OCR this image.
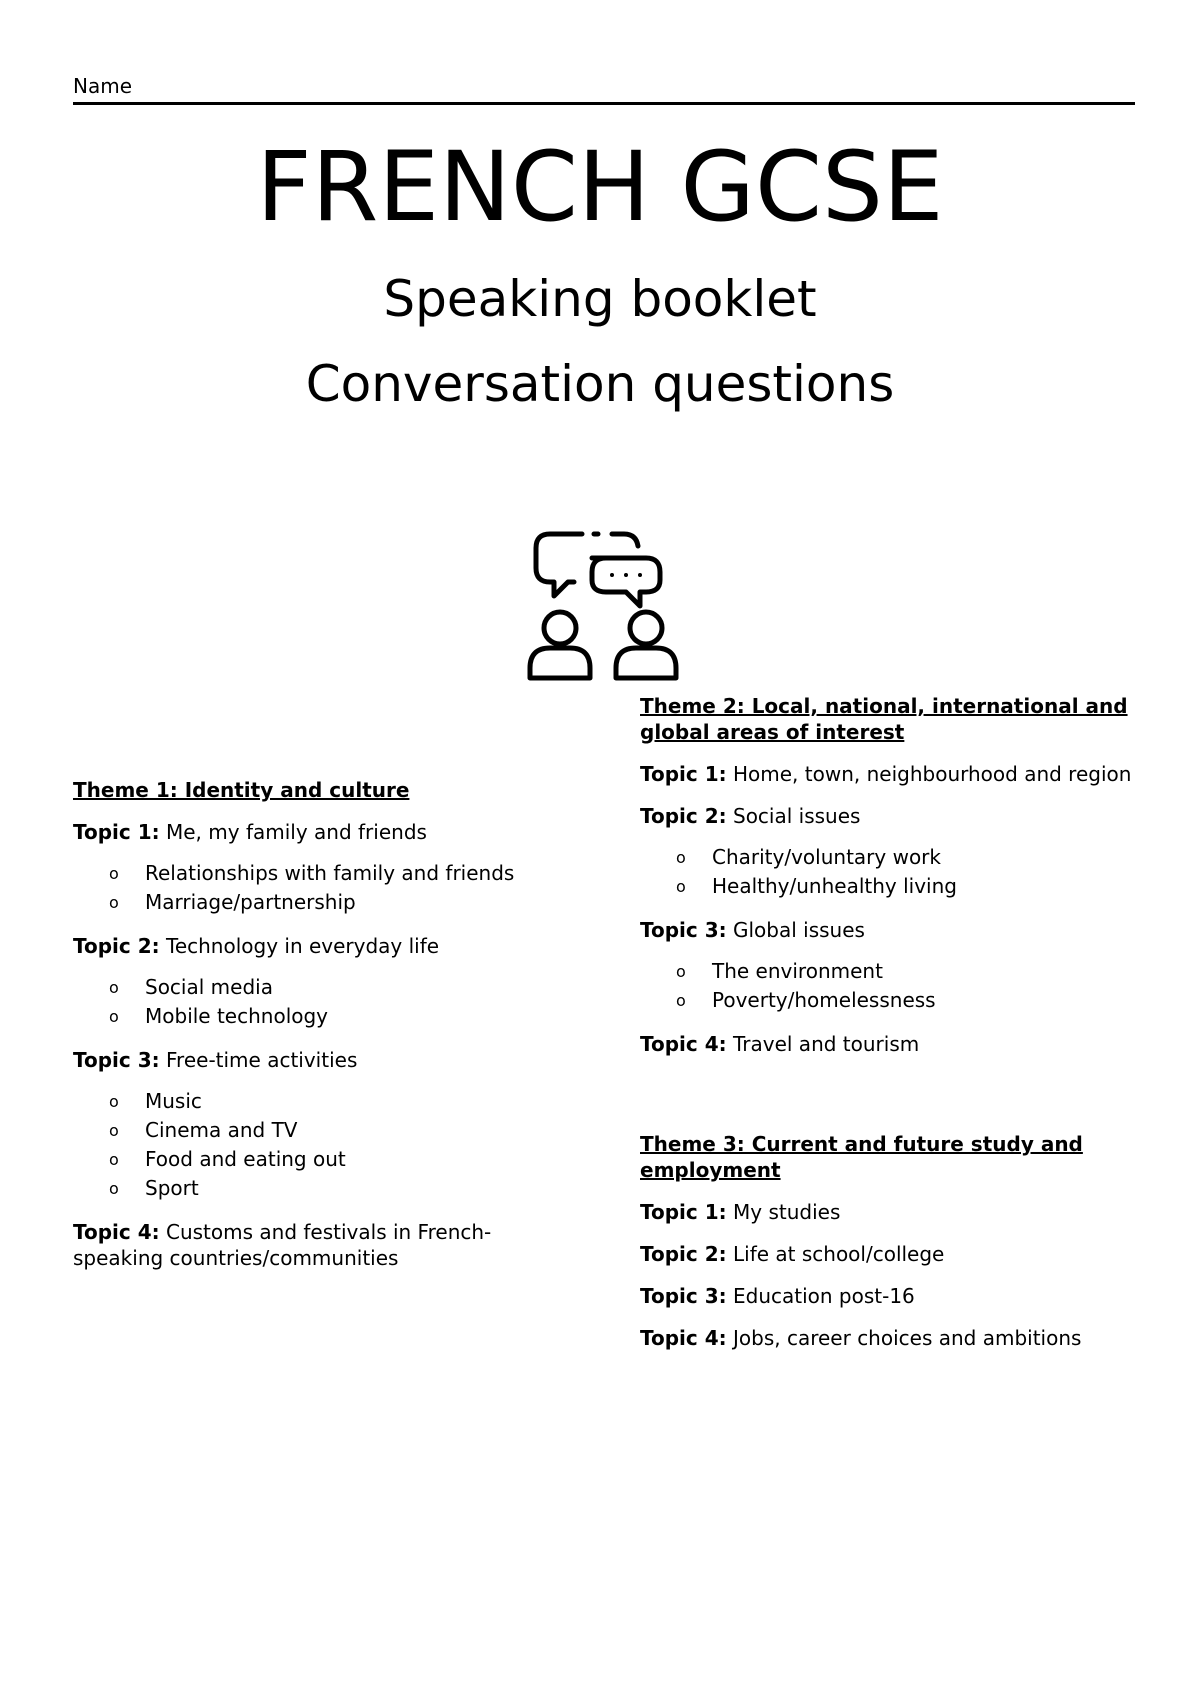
Name
FRENCH GCSE

Speaking booklet

Conversation questions

Theme 1: Identity and culture

Topic 1: Me, my family and friends

o Relationships with family and friends
o Marriage/partnership

Topic 2: Technology in everyday life

o Social media
o Mobile technology

Topic 3: Free-time activities

o Music
o Cinema and TV
o Food and eating out
o Sport

Topic 4: Customs and festivals in French-speaking countries/communities

Theme 2: Local, national, international and global areas of interest

Topic 1: Home, town, neighbourhood and region

Topic 2: Social issues

o Charity/voluntary work
o Healthy/unhealthy living

Topic 3: Global issues

o The environment
o Poverty/homelessness

Topic 4: Travel and tourism

Theme 3: Current and future study and employment

Topic 1: My studies

Topic 2: Life at school/college

Topic 3: Education post-16

Topic 4: Jobs, career choices and ambitions
